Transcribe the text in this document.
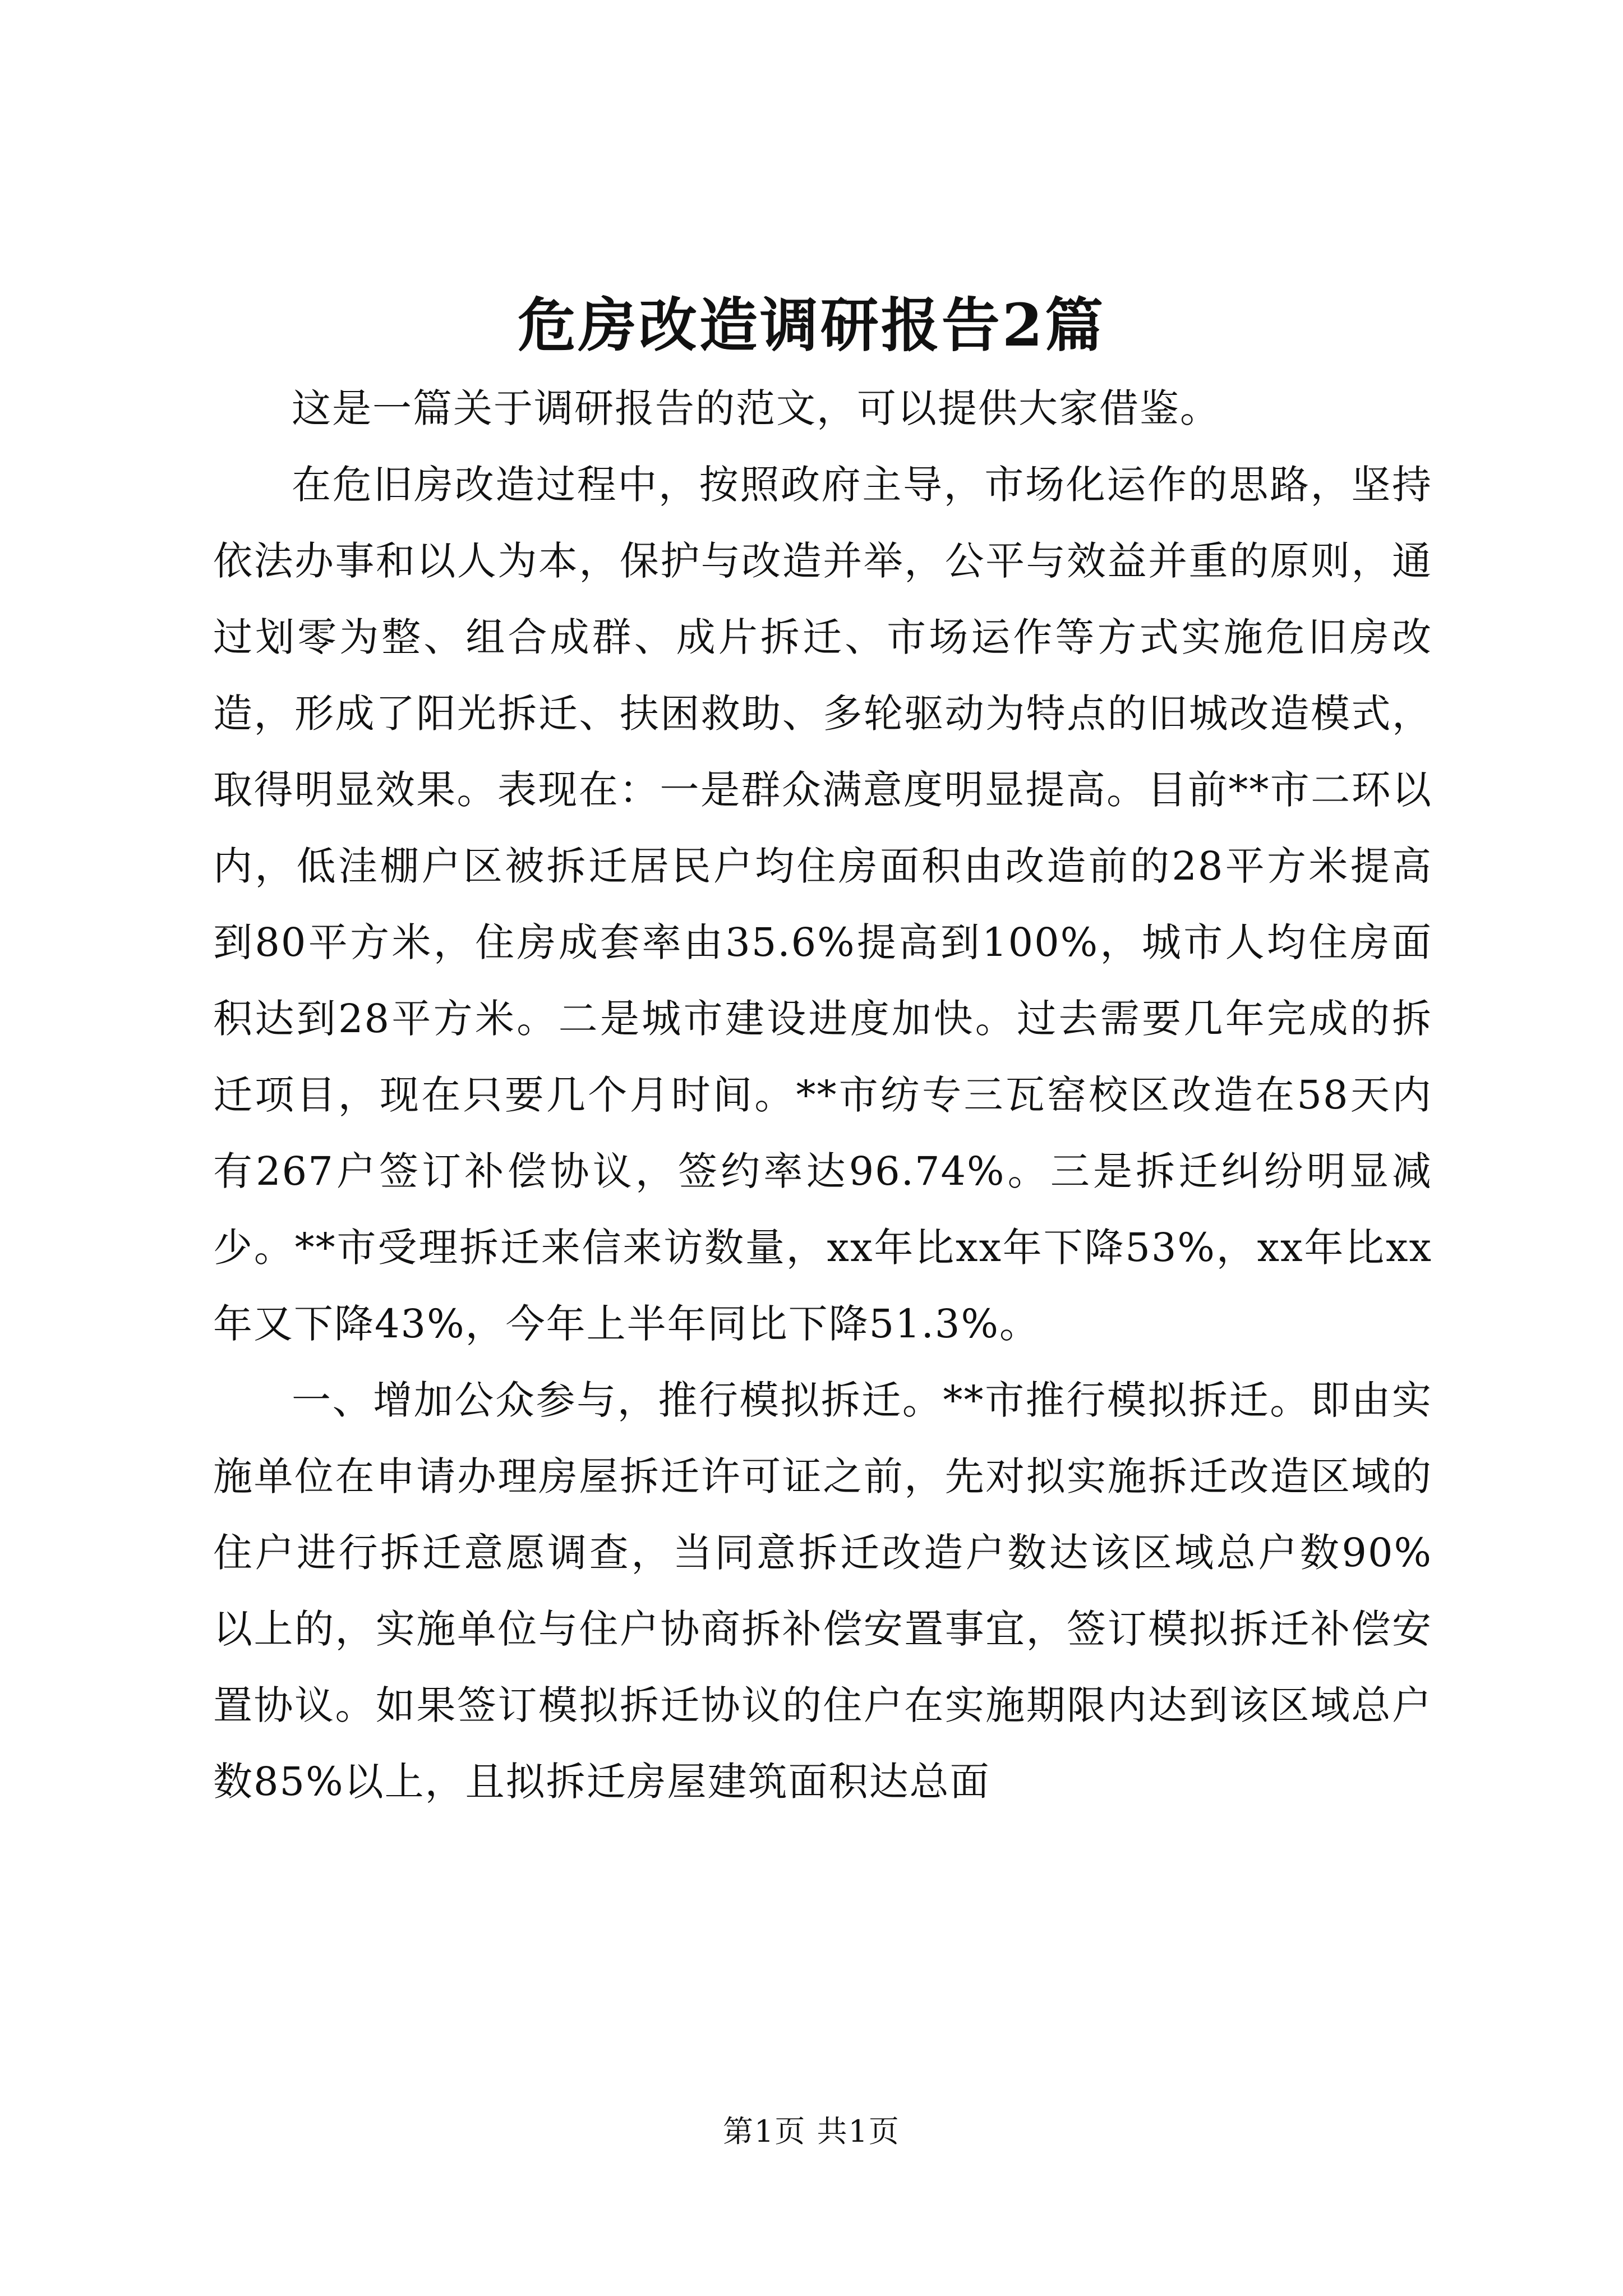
危房改造调研报告2篇

这是一篇关于调研报告的范文，可以提供大家借鉴。

在危旧房改造过程中，按照政府主导，市场化运作的思路，坚持依法办事和以人为本，保护与改造并举，公平与效益并重的原则，通过划零为整、组合成群、成片拆迁、市场运作等方式实施危旧房改造，形成了阳光拆迁、扶困救助、多轮驱动为特点的旧城改造模式，取得明显效果。表现在：一是群众满意度明显提高。目前**市二环以内，低洼棚户区被拆迁居民户均住房面积由改造前的28平方米提高到80平方米，住房成套率由35.6%提高到100%，城市人均住房面积达到28平方米。二是城市建设进度加快。过去需要几年完成的拆迁项目，现在只要几个月时间。**市纺专三瓦窑校区改造在58天内有267户签订补偿协议，签约率达96.74%。三是拆迁纠纷明显减少。**市受理拆迁来信来访数量，xx年比xx年下降53%，xx年比xx年又下降43%，今年上半年同比下降51.3%。

一、增加公众参与，推行模拟拆迁。**市推行模拟拆迁。即由实施单位在申请办理房屋拆迁许可证之前，先对拟实施拆迁改造区域的住户进行拆迁意愿调查，当同意拆迁改造户数达该区域总户数90%以上的，实施单位与住户协商拆补偿安置事宜，签订模拟拆迁补偿安置协议。如果签订模拟拆迁协议的住户在实施期限内达到该区域总户数85%以上，且拟拆迁房屋建筑面积达总面

第1页 共1页
